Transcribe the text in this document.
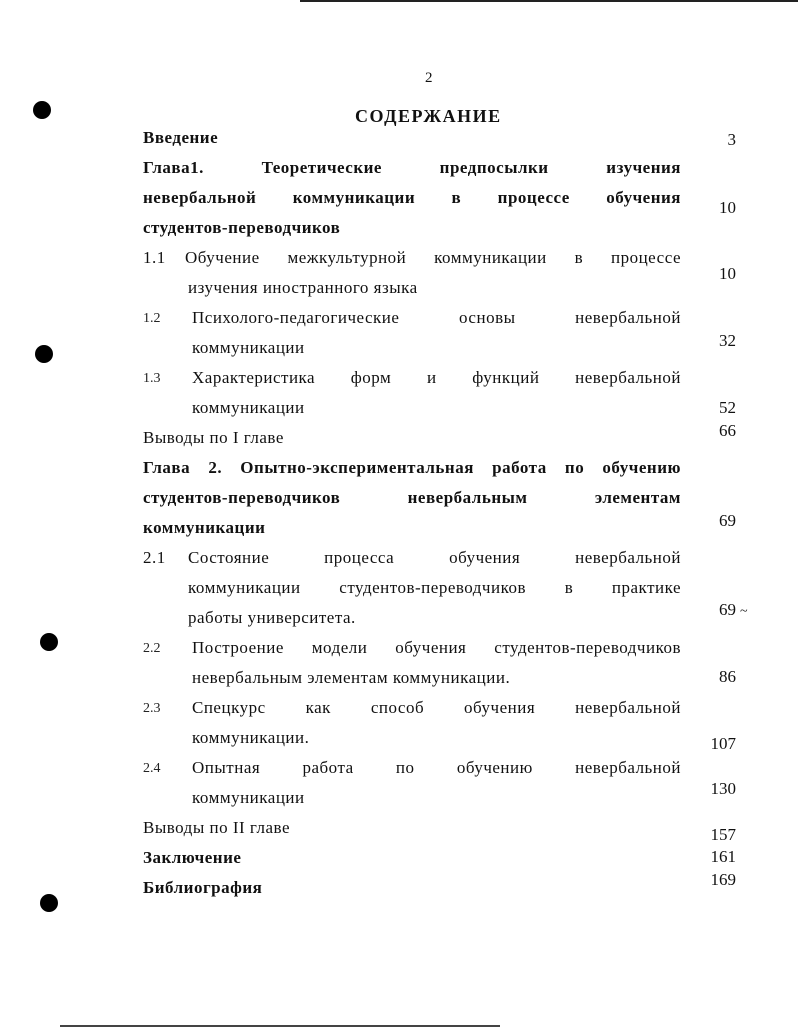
2
СОДЕРЖАНИЕ
Введение	3
Глава1. Теоретические предпосылки изучения
невербальной коммуникации в процессе обучения
студентов-переводчиков
10
1.1 Обучение межкультурной коммуникации в процессе
изучения иностранного языка
10
1.2 Психолого-педагогические основы невербальной
коммуникации	32
1.3 Характеристика форм и функций невербальной
коммуникации	52
Выводы по I главе	66
Глава 2. Опытно-экспериментальная работа по обучению
студентов-переводчиков невербальным элементам
коммуникации	69
2.1 Состояние процесса обучения невербальной
коммуникации студентов-переводчиков в практике
работы университета.	69 ~
2.2 Построение модели обучения студентов-переводчиков
невербальным элементам коммуникации.	86
2.3 Спецкурс как способ обучения невербальной
коммуникации.	107
2.4 Опытная работа по обучению невербальной
коммуникации	130
Выводы по II главе	157
Заключение	161
Библиография	169
